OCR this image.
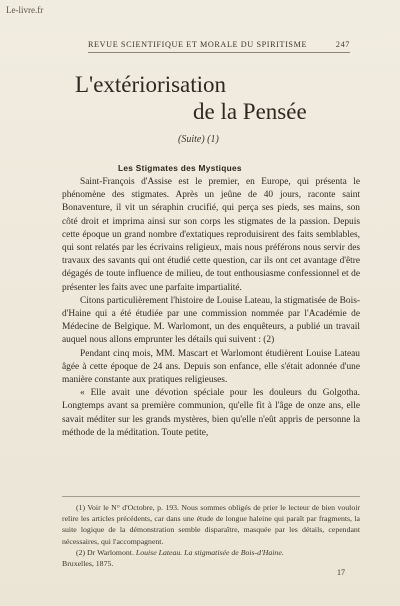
Le-livre.fr
REVUE SCIENTIFIQUE ET MORALE DU SPIRITISME	247
L'extériorisation
de la Pensée
(Suite) (1)
Les Stigmates des Mystiques

Saint-François d'Assise est le premier, en Europe, qui présenta le phénomène des stigmates. Après un jeûne de 40 jours, raconte saint Bonaventure, il vit un séraphin crucifié, qui perça ses pieds, ses mains, son côté droit et imprima ainsi sur son corps les stigmates de la passion. Depuis cette époque un grand nombre d'extatiques reproduisirent des faits semblables, qui sont relatés par les écrivains religieux, mais nous préférons nous servir des travaux des savants qui ont étudié cette question, car ils ont cet avantage d'être dégagés de toute influence de milieu, de tout enthousiasme confessionnel et de présenter les faits avec une parfaite impartialité.

Citons particulièrement l'histoire de Louise Lateau, la stigmatisée de Bois-d'Haine qui a été étudiée par une commission nommée par l'Académie de Médecine de Belgique. M. Warlomont, un des enquêteurs, a publié un travail auquel nous allons emprunter les détails qui suivent : (2)

Pendant cinq mois, MM. Mascart et Warlomont étudièrent Louise Lateau âgée à cette époque de 24 ans. Depuis son enfance, elle s'était adonnée d'une manière constante aux pratiques religieuses.

« Elle avait une dévotion spéciale pour les douleurs du Golgotha. Longtemps avant sa première communion, qu'elle fit à l'âge de onze ans, elle savait méditer sur les grands mystères, bien qu'elle n'eût appris de personne la méthode de la méditation. Toute petite,

(1) Voir le N° d'Octobre, p. 193. Nous sommes obligés de prier le lecteur de bien vouloir relire les articles précédents, car dans une étude de longue haleine qui paraît par fragments, la suite logique de la démonstration semble disparaître, masquée par les détails, cependant nécessaires, qui l'accompagnent.

(2) Dr Warlomont. Louise Lateau. La stigmatisée de Bois-d'Haine.
Bruxelles, 1875.

17
